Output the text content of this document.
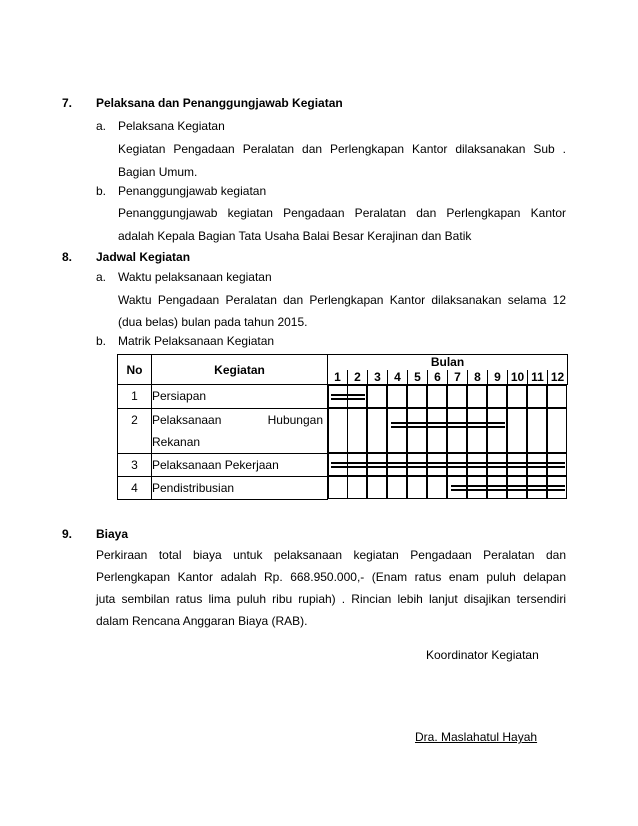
7. Pelaksana dan Penanggungjawab Kegiatan
a. Pelaksana Kegiatan
Kegiatan Pengadaan Peralatan dan Perlengkapan Kantor dilaksanakan Sub .
Bagian Umum.
b. Penanggungjawab kegiatan
Penanggungjawab kegiatan Pengadaan Peralatan dan Perlengkapan Kantor
adalah Kepala Bagian Tata Usaha Balai Besar Kerajinan dan Batik
8. Jadwal Kegiatan
a. Waktu pelaksanaan kegiatan
Waktu Pengadaan Peralatan dan Perlengkapan Kantor dilaksanakan selama 12
(dua belas) bulan pada tahun 2015.
b. Matrik Pelaksanaan Kegiatan
No	Kegiatan	Bulan											
		1	2	3	4	5	6	7	8	9	10	11	12
1	Persiapan												

2	Pelaksanaan Hubungan
Rekanan												

3	Pelaksanaan Pekerjaan												

4	Pendistribusian												
9. Biaya
Perkiraan total biaya untuk pelaksanaan kegiatan Pengadaan Peralatan dan
Perlengkapan Kantor adalah Rp. 668.950.000,- (Enam ratus enam puluh delapan
juta sembilan ratus lima puluh ribu rupiah) . Rincian lebih lanjut disajikan tersendiri
dalam Rencana Anggaran Biaya (RAB).
Koordinator Kegiatan
Dra. Maslahatul Hayah
